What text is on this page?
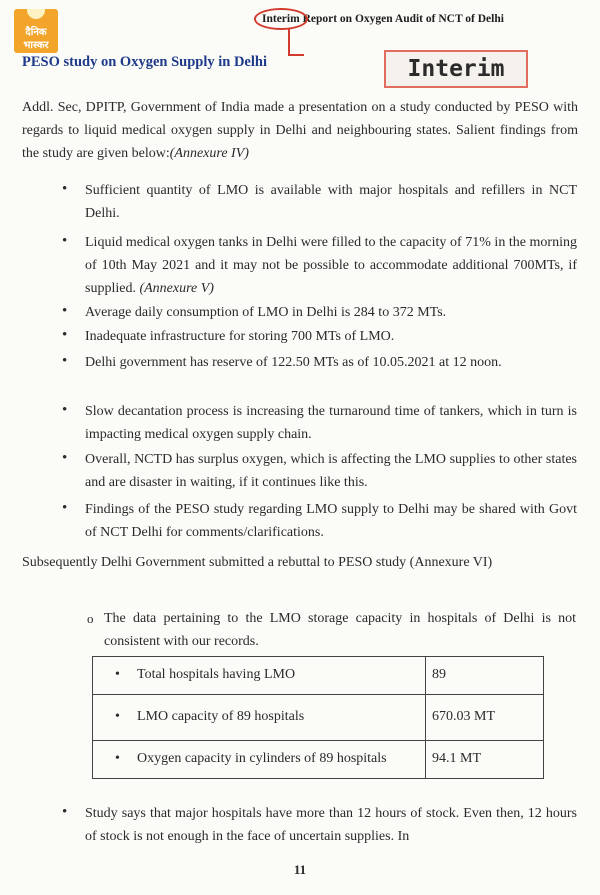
दैनिक
भास्कर
Interim Report on Oxygen Audit of NCT of Delhi
Interim
PESO study on Oxygen Supply in Delhi
Addl. Sec, DPITP, Government of India made a presentation on a study conducted by PESO with regards to liquid medical oxygen supply in Delhi and neighbouring states. Salient findings from the study are given below:(Annexure IV)
• Sufficient quantity of LMO is available with major hospitals and refillers in NCT Delhi.
• Liquid medical oxygen tanks in Delhi were filled to the capacity of 71% in the morning of 10th May 2021 and it may not be possible to accommodate additional 700MTs, if supplied. (Annexure V)
• Average daily consumption of LMO in Delhi is 284 to 372 MTs.
• Inadequate infrastructure for storing 700 MTs of LMO.
• Delhi government has reserve of 122.50 MTs as of 10.05.2021 at 12 noon.
• Slow decantation process is increasing the turnaround time of tankers, which in turn is impacting medical oxygen supply chain.
• Overall, NCTD has surplus oxygen, which is affecting the LMO supplies to other states and are disaster in waiting, if it continues like this.
• Findings of the PESO study regarding LMO supply to Delhi may be shared with Govt of NCT Delhi for comments/clarifications.
Subsequently Delhi Government submitted a rebuttal to PESO study (Annexure VI)
o The data pertaining to the LMO storage capacity in hospitals of Delhi is not consistent with our records.
• Total hospitals having LMO	89

• LMO capacity of 89 hospitals	670.03 MT

• Oxygen capacity in cylinders of 89 hospitals	94.1 MT
• Study says that major hospitals have more than 12 hours of stock. Even then, 12 hours of stock is not enough in the face of uncertain supplies. In
11
